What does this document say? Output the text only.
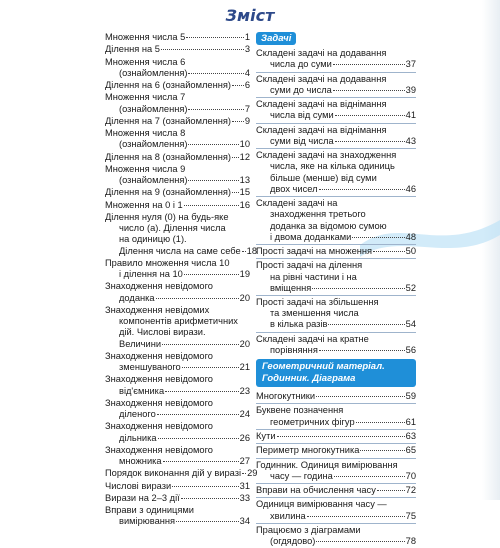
Зміст
Множення числа 5	1
Ділення на 5	3
Множення числа 6
(ознайомлення)	4
Ділення на 6 (ознайомлення) 6
Множення числа 7
(ознайомлення)	7
Ділення на 7 (ознайомлення) 9
Множення числа 8
(ознайомлення)	10
Ділення на 8 (ознайомлення) 12
Множення числа 9
(ознайомлення)	13
Ділення на 9 (ознайомлення) 15
Множення на 0 і 1	16
Ділення нуля (0) на будь-яке
число (а). Ділення числа
на одиницю (1).
Ділення числа на саме себе 18
Правило множення числа 10
і ділення на 10	19
Знаходження невідомого
доданка	20
Знаходження невідомих
компонентів арифметичних
дій. Числові вирази.
Величини	20
Знаходження невідомого
зменшуваного	21
Знаходження невідомого
від'ємника	23
Знаходження невідомого
діленого	24
Знаходження невідомого
дільника	26
Знаходження невідомого
множника	27
Порядок виконання дій у виразі 29
Числові вирази	31
Вирази на 2–3 дії	33
Вправи з одиницями
вимірювання	34
Задачі
Складені задачі на додавання
числа до суми	37
Складені задачі на додавання
суми до числа	39
Складені задачі на віднімання
числа від суми	41
Складені задачі на віднімання
суми від числа	43
Складені задачі на знаходження
числа, яке на кілька одиниць
більше (менше) від суми
двох чисел	46
Складені задачі на
знаходження третього
доданка за відомою сумою
і двома доданками	48
Прості задачі на множення	50
Прості задачі на ділення
на рівні частини і на
вміщення	52
Прості задачі на збільшення
та зменшення числа
в кілька разів	54
Складені задачі на кратне
порівняння	56
Геометричний матеріал.
Годинник. Діаграма
Многокутники	59
Буквене позначення
геометричних фігур	61
Кути	63
Периметр многокутника	65
Годинник. Одиниця вимірювання
часу — година	70
Вправи на обчислення часу	72
Одиниця вимірювання часу —
хвилина	75
Працюємо з діаграмами
(огдядово)	78
